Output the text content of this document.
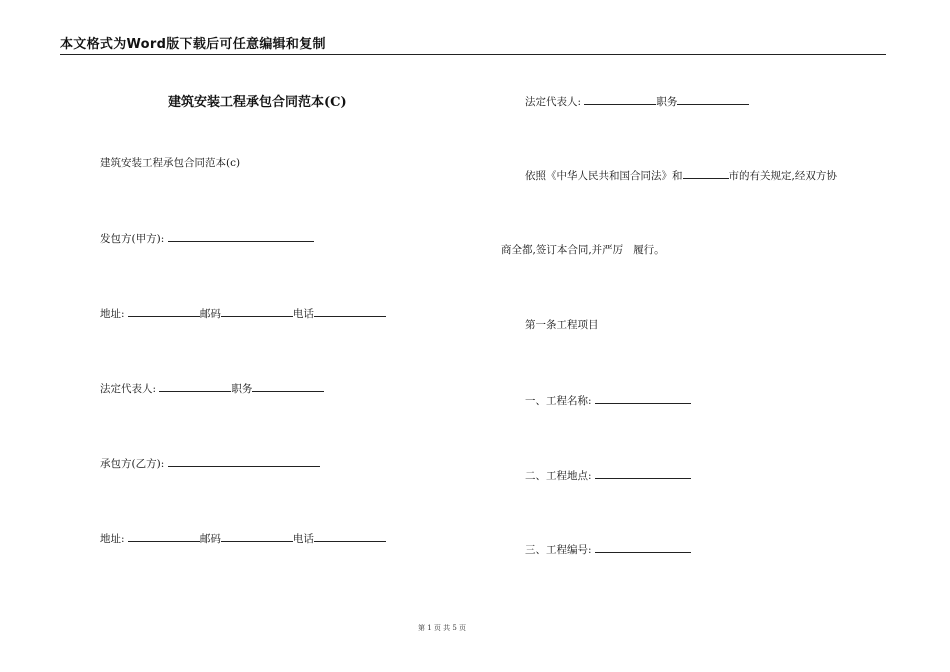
本文格式为Word版下载后可任意编辑和复制
建筑安装工程承包合同范本(C)
建筑安装工程承包合同范本(c)
发包方(甲方):
地址:	邮码	电话
法定代表人:	职务
承包方(乙方):
地址:	邮码	电话
法定代表人:	职务
依照《中华人民共和国合同法》和	市的有关规定,经双方协
商全都,签订本合同,并严厉 履行。
第一条工程项目
一、工程名称:
二、工程地点:
三、工程编号:
第 1 页 共 5 页
